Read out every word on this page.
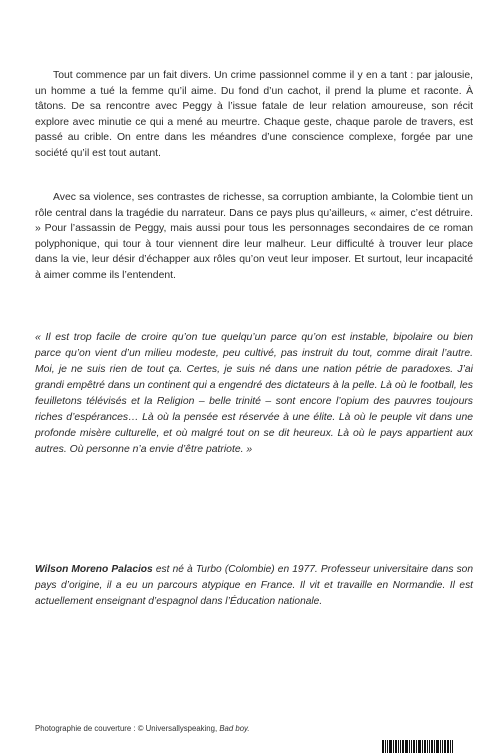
Tout commence par un fait divers. Un crime passionnel comme il y en a tant : par jalousie, un homme a tué la femme qu’il aime. Du fond d’un cachot, il prend la plume et raconte. À tâtons. De sa rencontre avec Peggy à l’issue fatale de leur relation amoureuse, son récit explore avec minutie ce qui a mené au meurtre. Chaque geste, chaque parole de travers, est passé au crible. On entre dans les méandres d’une conscience complexe, forgée par une société qu’il est tout autant.

Avec sa violence, ses contrastes de richesse, sa corruption ambiante, la Colombie tient un rôle central dans la tragédie du narrateur. Dans ce pays plus qu’ailleurs, « aimer, c’est détruire. » Pour l’assassin de Peggy, mais aussi pour tous les personnages secondaires de ce roman polyphonique, qui tour à tour viennent dire leur malheur. Leur difficulté à trouver leur place dans la vie, leur désir d’échapper aux rôles qu’on veut leur imposer. Et surtout, leur incapacité à aimer comme ils l’entendent.

« Il est trop facile de croire qu’on tue quelqu’un parce qu’on est instable, bipolaire ou bien parce qu’on vient d’un milieu modeste, peu cultivé, pas instruit du tout, comme dirait l’autre. Moi, je ne suis rien de tout ça. Certes, je suis né dans une nation pétrie de paradoxes. J’ai grandi empêtré dans un continent qui a engendré des dictateurs à la pelle. Là où le football, les feuilletons télévisés et la Religion – belle trinité – sont encore l’opium des pauvres toujours riches d’espérances… Là où la pensée est réservée à une élite. Là où le peuple vit dans une profonde misère culturelle, et où malgré tout on se dit heureux. Là où le pays appartient aux autres. Où personne n’a envie d’être patriote. »

Wilson Moreno Palacios est né à Turbo (Colombie) en 1977. Professeur universitaire dans son pays d’origine, il a eu un parcours atypique en France. Il vit et travaille en Normandie. Il est actuellement enseignant d’espagnol dans l’Éducation nationale.

Photographie de couverture : © Universallyspeaking, Bad boy.
